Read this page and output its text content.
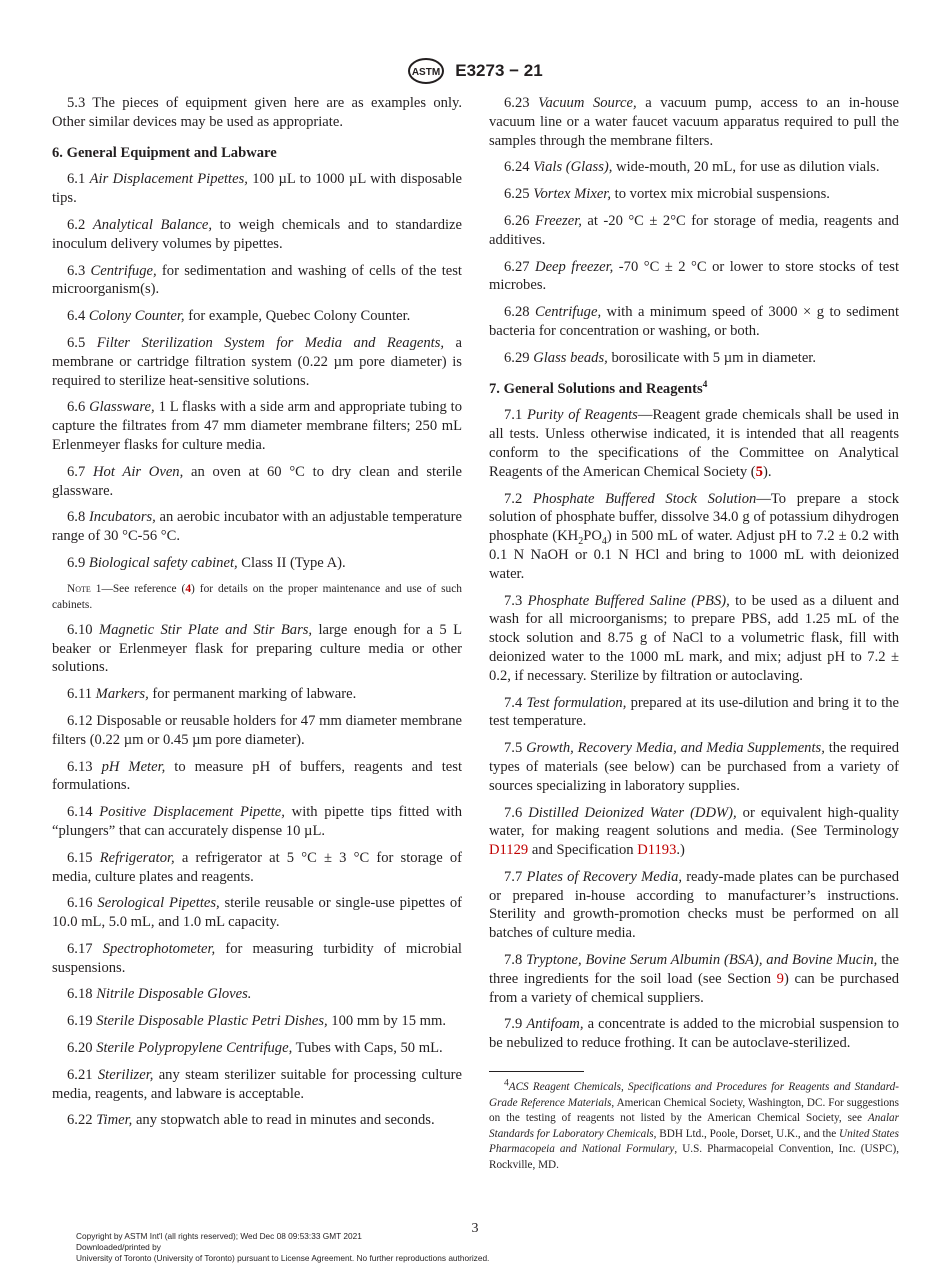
ASTM E3273 − 21

5.3 The pieces of equipment given here are as examples only. Other similar devices may be used as appropriate.

6. General Equipment and Labware

6.1 Air Displacement Pipettes, 100 µL to 1000 µL with disposable tips.

6.2 Analytical Balance, to weigh chemicals and to standardize inoculum delivery volumes by pipettes.

6.3 Centrifuge, for sedimentation and washing of cells of the test microorganism(s).

6.4 Colony Counter, for example, Quebec Colony Counter.

6.5 Filter Sterilization System for Media and Reagents, a membrane or cartridge filtration system (0.22 µm pore diameter) is required to sterilize heat-sensitive solutions.

6.6 Glassware, 1 L flasks with a side arm and appropriate tubing to capture the filtrates from 47 mm diameter membrane filters; 250 mL Erlenmeyer flasks for culture media.

6.7 Hot Air Oven, an oven at 60 °C to dry clean and sterile glassware.

6.8 Incubators, an aerobic incubator with an adjustable temperature range of 30 °C-56 °C.

6.9 Biological safety cabinet, Class II (Type A).

Note 1—See reference (4) for details on the proper maintenance and use of such cabinets.

6.10 Magnetic Stir Plate and Stir Bars, large enough for a 5 L beaker or Erlenmeyer flask for preparing culture media or other solutions.

6.11 Markers, for permanent marking of labware.

6.12 Disposable or reusable holders for 47 mm diameter membrane filters (0.22 µm or 0.45 µm pore diameter).

6.13 pH Meter, to measure pH of buffers, reagents and test formulations.

6.14 Positive Displacement Pipette, with pipette tips fitted with “plungers” that can accurately dispense 10 µL.

6.15 Refrigerator, a refrigerator at 5 °C ± 3 °C for storage of media, culture plates and reagents.

6.16 Serological Pipettes, sterile reusable or single-use pipettes of 10.0 mL, 5.0 mL, and 1.0 mL capacity.

6.17 Spectrophotometer, for measuring turbidity of microbial suspensions.

6.18 Nitrile Disposable Gloves.

6.19 Sterile Disposable Plastic Petri Dishes, 100 mm by 15 mm.

6.20 Sterile Polypropylene Centrifuge, Tubes with Caps, 50 mL.

6.21 Sterilizer, any steam sterilizer suitable for processing culture media, reagents, and labware is acceptable.

6.22 Timer, any stopwatch able to read in minutes and seconds.

6.23 Vacuum Source, a vacuum pump, access to an in-house vacuum line or a water faucet vacuum apparatus required to pull the samples through the membrane filters.

6.24 Vials (Glass), wide-mouth, 20 mL, for use as dilution vials.

6.25 Vortex Mixer, to vortex mix microbial suspensions.

6.26 Freezer, at -20 °C ± 2°C for storage of media, reagents and additives.

6.27 Deep freezer, -70 °C ± 2 °C or lower to store stocks of test microbes.

6.28 Centrifuge, with a minimum speed of 3000 × g to sediment bacteria for concentration or washing, or both.

6.29 Glass beads, borosilicate with 5 µm in diameter.

7. General Solutions and Reagents$^4$

7.1 Purity of Reagents—Reagent grade chemicals shall be used in all tests. Unless otherwise indicated, it is intended that all reagents conform to the specifications of the Committee on Analytical Reagents of the American Chemical Society (5).

7.2 Phosphate Buffered Stock Solution—To prepare a stock solution of phosphate buffer, dissolve 34.0 g of potassium dihydrogen phosphate $(KH_2PO_4)$ in 500 mL of water. Adjust pH to 7.2 ± 0.2 with 0.1 N NaOH or 0.1 N HCl and bring to 1000 mL with deionized water.

7.3 Phosphate Buffered Saline (PBS), to be used as a diluent and wash for all microorganisms; to prepare PBS, add 1.25 mL of the stock solution and 8.75 g of NaCl to a volumetric flask, fill with deionized water to the 1000 mL mark, and mix; adjust pH to 7.2 ± 0.2, if necessary. Sterilize by filtration or autoclaving.

7.4 Test formulation, prepared at its use-dilution and bring it to the test temperature.

7.5 Growth, Recovery Media, and Media Supplements, the required types of materials (see below) can be purchased from a variety of sources specializing in laboratory supplies.

7.6 Distilled Deionized Water (DDW), or equivalent high-quality water, for making reagent solutions and media. (See Terminology D1129 and Specification D1193.)

7.7 Plates of Recovery Media, ready-made plates can be purchased or prepared in-house according to manufacturer’s instructions. Sterility and growth-promotion checks must be performed on all batches of culture media.

7.8 Tryptone, Bovine Serum Albumin (BSA), and Bovine Mucin, the three ingredients for the soil load (see Section 9) can be purchased from a variety of chemical suppliers.

7.9 Antifoam, a concentrate is added to the microbial suspension to be nebulized to reduce frothing. It can be autoclave-sterilized.

$^4$ACS Reagent Chemicals, Specifications and Procedures for Reagents and Standard-Grade Reference Materials, American Chemical Society, Washington, DC. For suggestions on the testing of reagents not listed by the American Chemical Society, see Analar Standards for Laboratory Chemicals, BDH Ltd., Poole, Dorset, U.K., and the United States Pharmacopeia and National Formulary, U.S. Pharmacopeial Convention, Inc. (USPC), Rockville, MD.

3
Copyright by ASTM Int'l (all rights reserved); Wed Dec 08 09:53:33 GMT 2021
Downloaded/printed by
University of Toronto (University of Toronto) pursuant to License Agreement. No further reproductions authorized.
